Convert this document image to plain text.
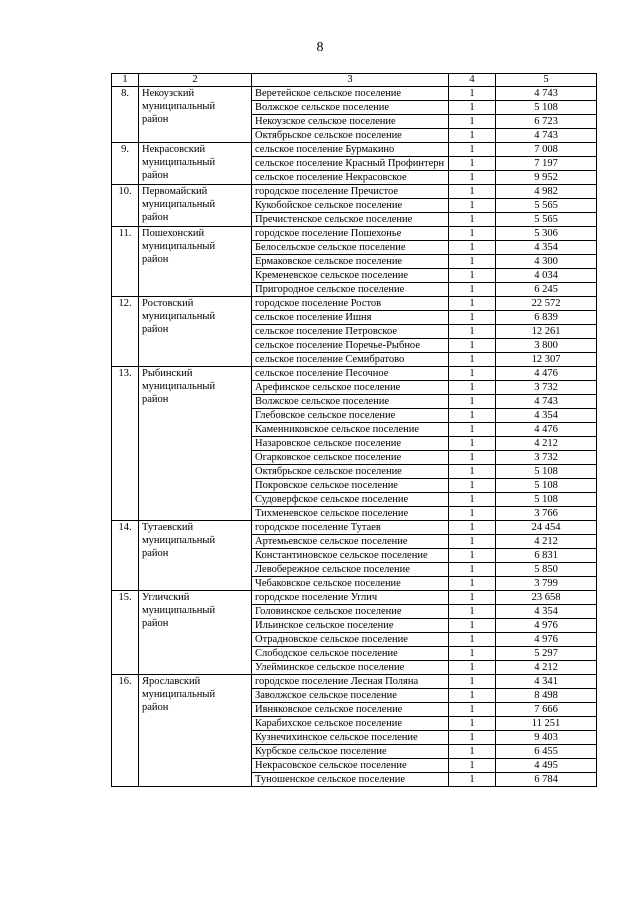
8
1	2	3	4	5
8.	Некоузский
муниципальный
район	Веретейское сельское поселение	1	4 743
		Волжское сельское поселение	1	5 108
		Некоузское сельское поселение	1	6 723
		Октябрьское сельское поселение	1	4 743
9.	Некрасовский
муниципальный
район	сельское поселение Бурмакино	1	7 008
		сельское поселение Красный Профинтерн	1	7 197
		сельское поселение Некрасовское	1	9 952
10.	Первомайский
муниципальный
район	городское поселение Пречистое	1	4 982
		Кукобойское сельское поселение	1	5 565
		Пречистенское сельское поселение	1	5 565
11.	Пошехонский
муниципальный
район	городское поселение Пошехонье	1	5 306
		Белосельское сельское поселение	1	4 354
		Ермаковское сельское поселение	1	4 300
		Кременевское сельское поселение	1	4 034
		Пригородное сельское поселение	1	6 245
12.	Ростовский
муниципальный
район	городское поселение Ростов	1	22 572
		сельское поселение Ишня	1	6 839
		сельское поселение Петровское	1	12 261
		сельское поселение Поречье-Рыбное	1	3 800
		сельское поселение Семибратово	1	12 307
13.	Рыбинский
муниципальный
район	сельское поселение Песочное	1	4 476
		Арефинское сельское поселение	1	3 732
		Волжское сельское поселение	1	4 743
		Глебовское сельское поселение	1	4 354
		Каменниковское сельское поселение	1	4 476
		Назаровское сельское поселение	1	4 212
		Огарковское сельское поселение	1	3 732
		Октябрьское сельское поселение	1	5 108
		Покровское сельское поселение	1	5 108
		Судоверфское сельское поселение	1	5 108
		Тихменевское сельское поселение	1	3 766
14.	Тутаевский
муниципальный
район	городское поселение Тутаев	1	24 454
		Артемьевское сельское поселение	1	4 212
		Константиновское сельское поселение	1	6 831
		Левобережное сельское поселение	1	5 850
		Чебаковское сельское поселение	1	3 799
15.	Угличский
муниципальный
район	городское поселение Углич	1	23 658
		Головинское сельское поселение	1	4 354
		Ильинское сельское поселение	1	4 976
		Отрадновское сельское поселение	1	4 976
		Слободское сельское поселение	1	5 297
		Улейминское сельское поселение	1	4 212
16.	Ярославский
муниципальный
район	городское поселение Лесная Поляна	1	4 341
		Заволжское сельское поселение	1	8 498
		Ивняковское сельское поселение	1	7 666
		Карабихское сельское поселение	1	11 251
		Кузнечихинское сельское поселение	1	9 403
		Курбское сельское поселение	1	6 455
		Некрасовское сельское поселение	1	4 495
		Туношенское сельское поселение	1	6 784
